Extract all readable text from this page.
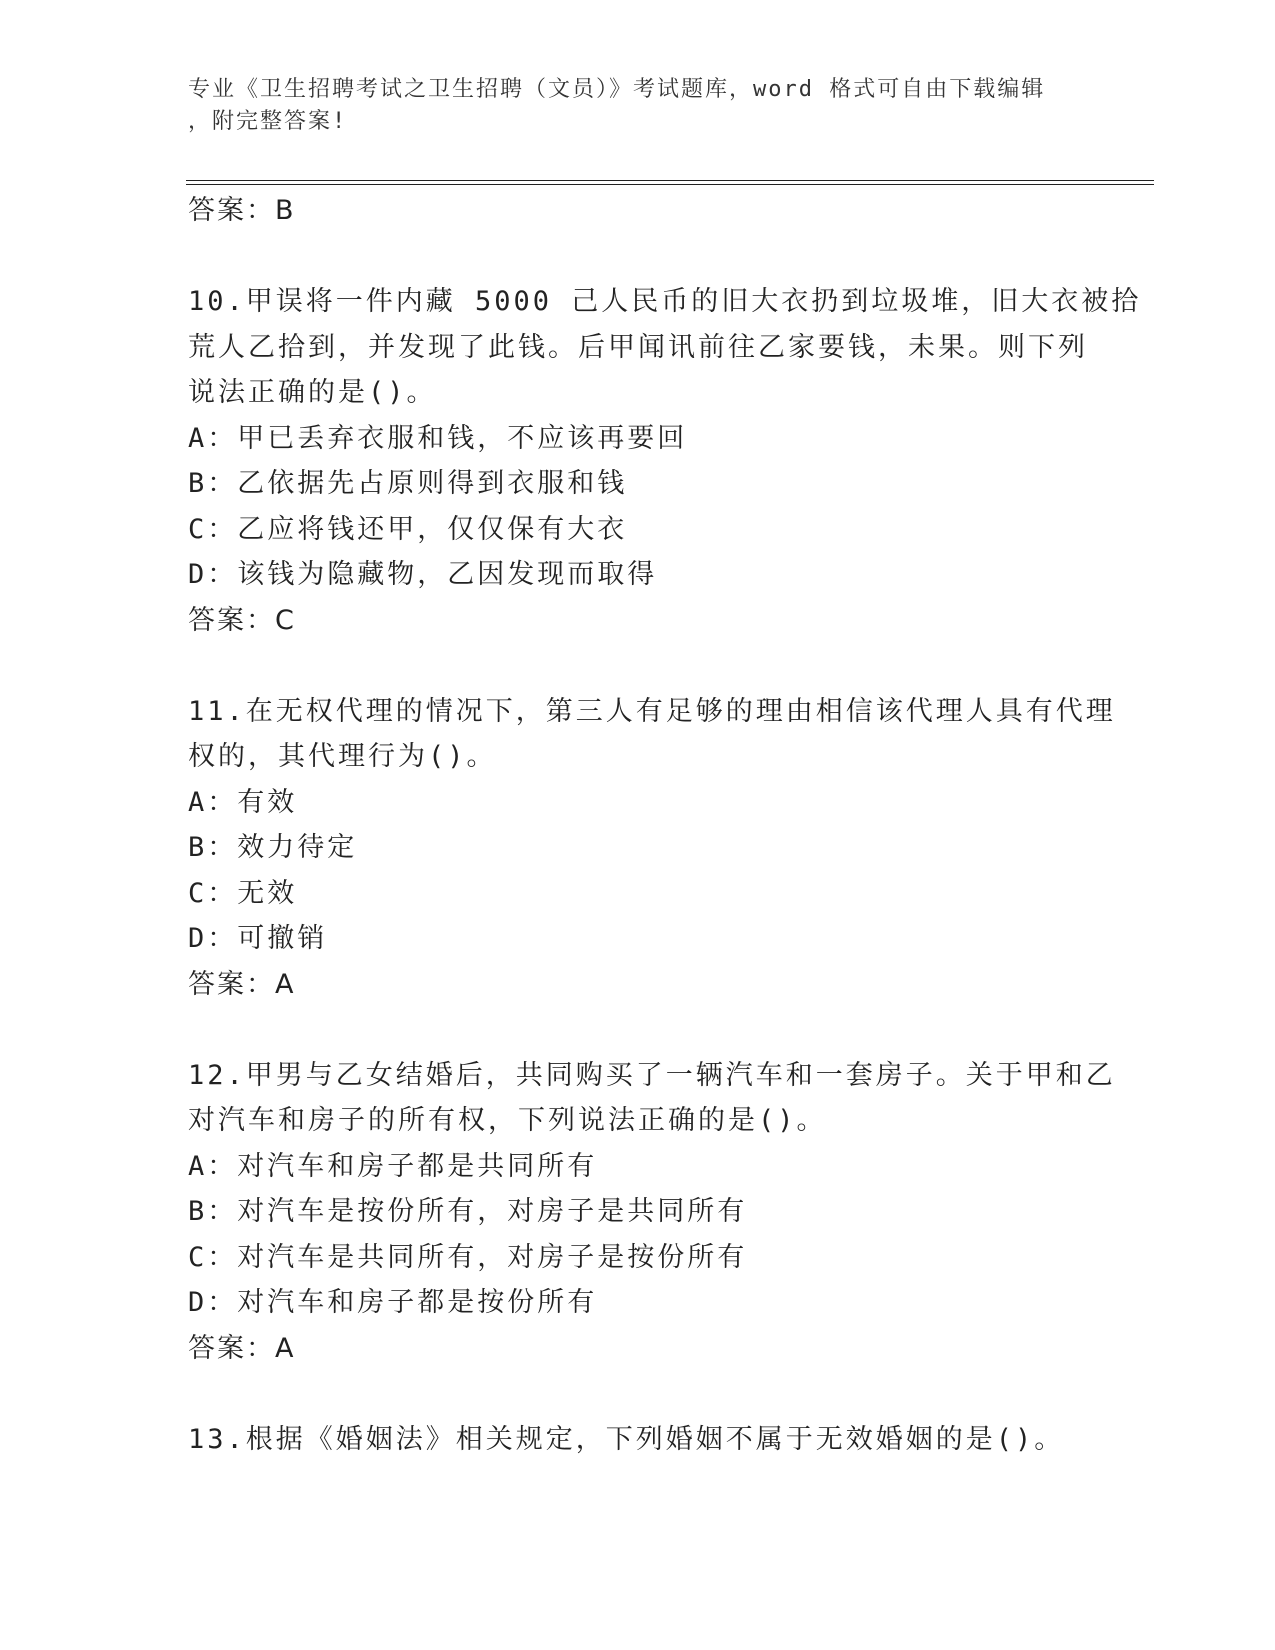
专业《卫生招聘考试之卫生招聘（文员）》考试题库，word 格式可自由下载编辑
，附完整答案!
答案：B
10.甲误将一件内藏 5000 己人民币的旧大衣扔到垃圾堆，旧大衣被拾
荒人乙拾到，并发现了此钱。后甲闻讯前往乙家要钱，未果。则下列
说法正确的是()。
A：甲已丢弃衣服和钱，不应该再要回
B：乙依据先占原则得到衣服和钱
C：乙应将钱还甲，仅仅保有大衣
D：该钱为隐藏物，乙因发现而取得
答案：C
11.在无权代理的情况下，第三人有足够的理由相信该代理人具有代理
权的，其代理行为()。
A：有效
B：效力待定
C：无效
D：可撤销
答案：A
12.甲男与乙女结婚后，共同购买了一辆汽车和一套房子。关于甲和乙
对汽车和房子的所有权，下列说法正确的是()。
A：对汽车和房子都是共同所有
B：对汽车是按份所有，对房子是共同所有
C：对汽车是共同所有，对房子是按份所有
D：对汽车和房子都是按份所有
答案：A
13.根据《婚姻法》相关规定，下列婚姻不属于无效婚姻的是()。
